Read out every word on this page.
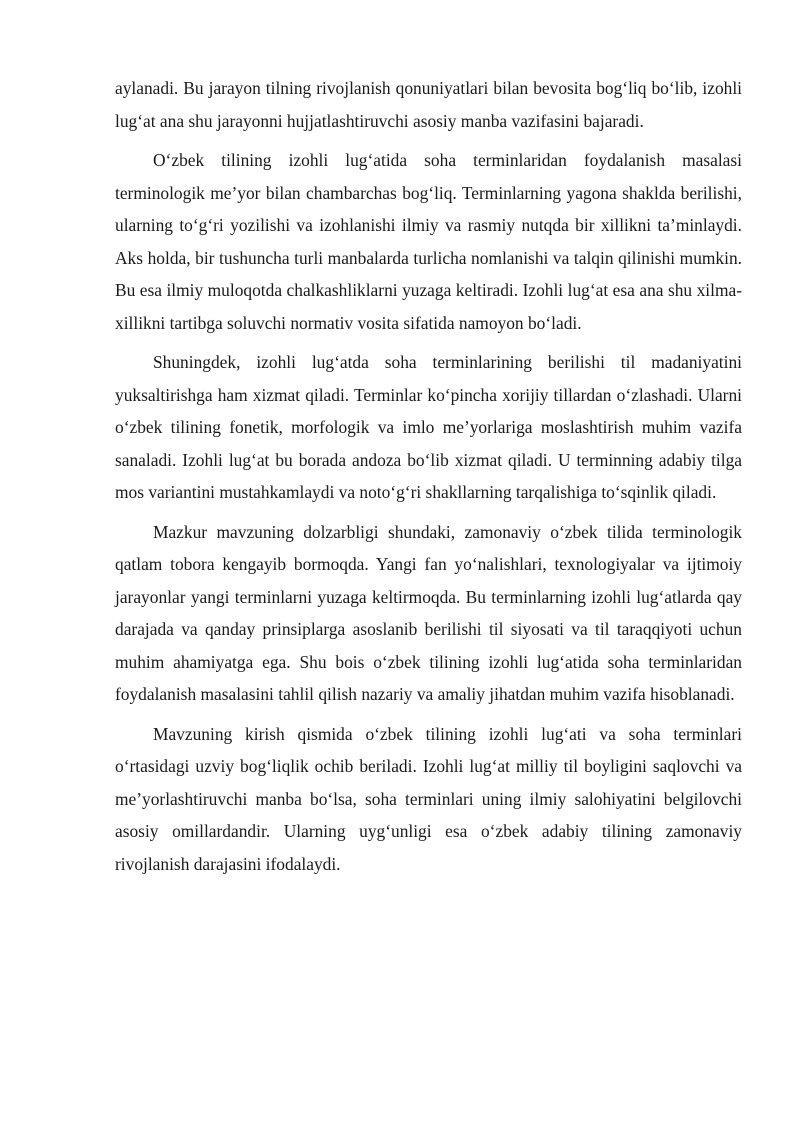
aylanadi. Bu jarayon tilning rivojlanish qonuniyatlari bilan bevosita bog‘liq bo‘lib, izohli lug‘at ana shu jarayonni hujjatlashtiruvchi asosiy manba vazifasini bajaradi.

O‘zbek tilining izohli lug‘atida soha terminlaridan foydalanish masalasi terminologik me’yor bilan chambarchas bog‘liq. Terminlarning yagona shaklda berilishi, ularning to‘g‘ri yozilishi va izohlanishi ilmiy va rasmiy nutqda bir xillikni ta’minlaydi. Aks holda, bir tushuncha turli manbalarda turlicha nomlanishi va talqin qilinishi mumkin. Bu esa ilmiy muloqotda chalkashliklarni yuzaga keltiradi. Izohli lug‘at esa ana shu xilma-xillikni tartibga soluvchi normativ vosita sifatida namoyon bo‘ladi.

Shuningdek, izohli lug‘atda soha terminlarining berilishi til madaniyatini yuksaltirishga ham xizmat qiladi. Terminlar ko‘pincha xorijiy tillardan o‘zlashadi. Ularni o‘zbek tilining fonetik, morfologik va imlo me’yorlariga moslashtirish muhim vazifa sanaladi. Izohli lug‘at bu borada andoza bo‘lib xizmat qiladi. U terminning adabiy tilga mos variantini mustahkamlaydi va noto‘g‘ri shakllarning tarqalishiga to‘sqinlik qiladi.

Mazkur mavzuning dolzarbligi shundaki, zamonaviy o‘zbek tilida terminologik qatlam tobora kengayib bormoqda. Yangi fan yo‘nalishlari, texnologiyalar va ijtimoiy jarayonlar yangi terminlarni yuzaga keltirmoqda. Bu terminlarning izohli lug‘atlarda qay darajada va qanday prinsiplarga asoslanib berilishi til siyosati va til taraqqiyoti uchun muhim ahamiyatga ega. Shu bois o‘zbek tilining izohli lug‘atida soha terminlaridan foydalanish masalasini tahlil qilish nazariy va amaliy jihatdan muhim vazifa hisoblanadi.

Mavzuning kirish qismida o‘zbek tilining izohli lug‘ati va soha terminlari o‘rtasidagi uzviy bog‘liqlik ochib beriladi. Izohli lug‘at milliy til boyligini saqlovchi va me’yorlashtiruvchi manba bo‘lsa, soha terminlari uning ilmiy salohiyatini belgilovchi asosiy omillardandir. Ularning uyg‘unligi esa o‘zbek adabiy tilining zamonaviy rivojlanish darajasini ifodalaydi.
